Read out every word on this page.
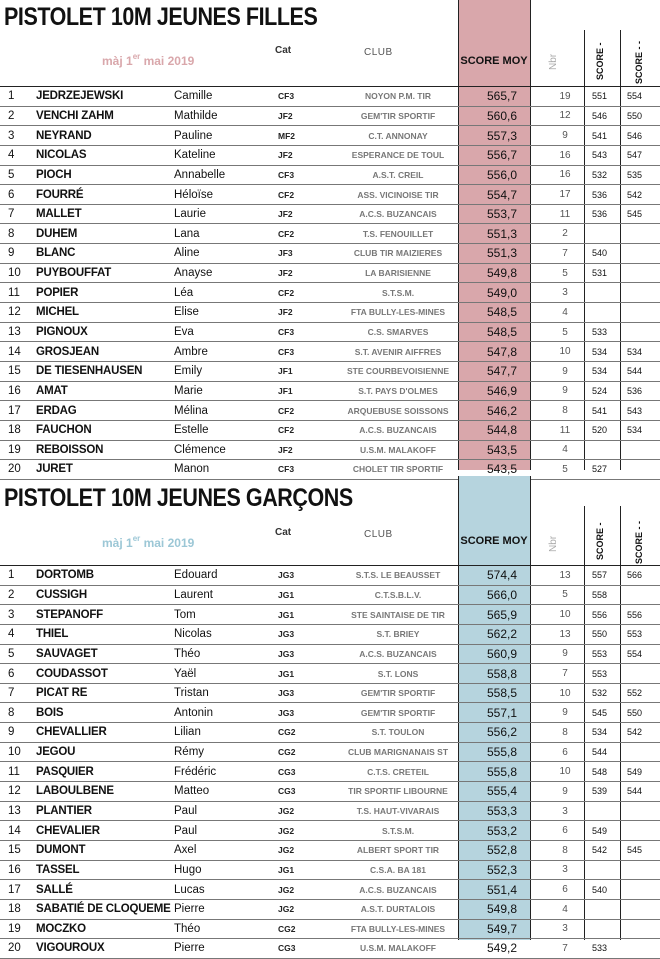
PISTOLET 10M JEUNES FILLES
màj 1er mai 2019
Cat	CLUB
SCORE MOY Nbr	SCORE -	SCORE - -
1	JEDRZEJEWSKI	Camille	CF3	NOYON P.M. TIR	565,7	19	551	554
2	VENCHI ZAHM	Mathilde	JF2	GEM'TIR SPORTIF	560,6	12	546	550
3	NEYRAND	Pauline	MF2	C.T. ANNONAY	557,3	9	541	546
4	NICOLAS	Kateline	JF2	ESPERANCE DE TOUL	556,7	16	543	547
5	PIOCH	Annabelle	CF3	A.S.T. CREIL	556,0	16	532	535
6	FOURRÉ	Héloïse	CF2	ASS. VICINOISE TIR	554,7	17	536	542
7	MALLET	Laurie	JF2	A.C.S. BUZANCAIS	553,7	11	536	545
8	DUHEM	Lana	CF2	T.S. FENOUILLET	551,3	2		
9	BLANC	Aline	JF3	CLUB TIR MAIZIERES	551,3	7	540	
10	PUYBOUFFAT	Anayse	JF2	LA BARISIENNE	549,8	5	531	
11	POPIER	Léa	CF2	S.T.S.M.	549,0	3		
12	MICHEL	Elise	JF2	FTA BULLY-LES-MINES	548,5	4		
13	PIGNOUX	Eva	CF3	C.S. SMARVES	548,5	5	533	
14	GROSJEAN	Ambre	CF3	S.T. AVENIR AIFFRES	547,8	10	534	534
15	DE TIESENHAUSEN	Emily	JF1	STE COURBEVOISIENNE	547,7	9	534	544
16	AMAT	Marie	JF1	S.T. PAYS D'OLMES	546,9	9	524	536
17	ERDAG	Mélina	CF2	ARQUEBUSE SOISSONS	546,2	8	541	543
18	FAUCHON	Estelle	CF2	A.C.S. BUZANCAIS	544,8	11	520	534
19	REBOISSON	Clémence	JF2	U.S.M. MALAKOFF	543,5	4		
20	JURET	Manon	CF3	CHOLET TIR SPORTIF	543,5	5	527	
PISTOLET 10M JEUNES GARÇONS
màj 1er mai 2019
Cat	CLUB
SCORE MOY Nbr	SCORE -	SCORE - -
1	DORTOMB	Edouard	JG3	S.T.S. LE BEAUSSET	574,4	13	557	566
2	CUSSIGH	Laurent	JG1	C.T.S.B.L.V.	566,0	5	558	
3	STEPANOFF	Tom	JG1	STE SAINTAISE DE TIR	565,9	10	556	556
4	THIEL	Nicolas	JG3	S.T. BRIEY	562,2	13	550	553
5	SAUVAGET	Théo	JG3	A.C.S. BUZANCAIS	560,9	9	553	554
6	COUDASSOT	Yaël	JG1	S.T. LONS	558,8	7	553	
7	PICAT RE	Tristan	JG3	GEM'TIR SPORTIF	558,5	10	532	552
8	BOIS	Antonin	JG3	GEM'TIR SPORTIF	557,1	9	545	550
9	CHEVALLIER	Lilian	CG2	S.T. TOULON	556,2	8	534	542
10	JEGOU	Rémy	CG2	CLUB MARIGNANAIS ST	555,8	6	544	
11	PASQUIER	Frédéric	CG3	C.T.S. CRETEIL	555,8	10	548	549
12	LABOULBENE	Matteo	CG3	TIR SPORTIF LIBOURNE	555,4	9	539	544
13	PLANTIER	Paul	JG2	T.S. HAUT-VIVARAIS	553,3	3		
14	CHEVALIER	Paul	JG2	S.T.S.M.	553,2	6	549	
15	DUMONT	Axel	JG2	ALBERT SPORT TIR	552,8	8	542	545
16	TASSEL	Hugo	JG1	C.S.A. BA 181	552,3	3		
17	SALLÉ	Lucas	JG2	A.C.S. BUZANCAIS	551,4	6	540	
18	SABATIÉ DE CLOQUEME	Pierre	JG2	A.S.T. DURTALOIS	549,8	4		
19	MOCZKO	Théo	CG2	FTA BULLY-LES-MINES	549,7	3		
20	VIGOUROUX	Pierre	CG3	U.S.M. MALAKOFF	549,2	7	533	
